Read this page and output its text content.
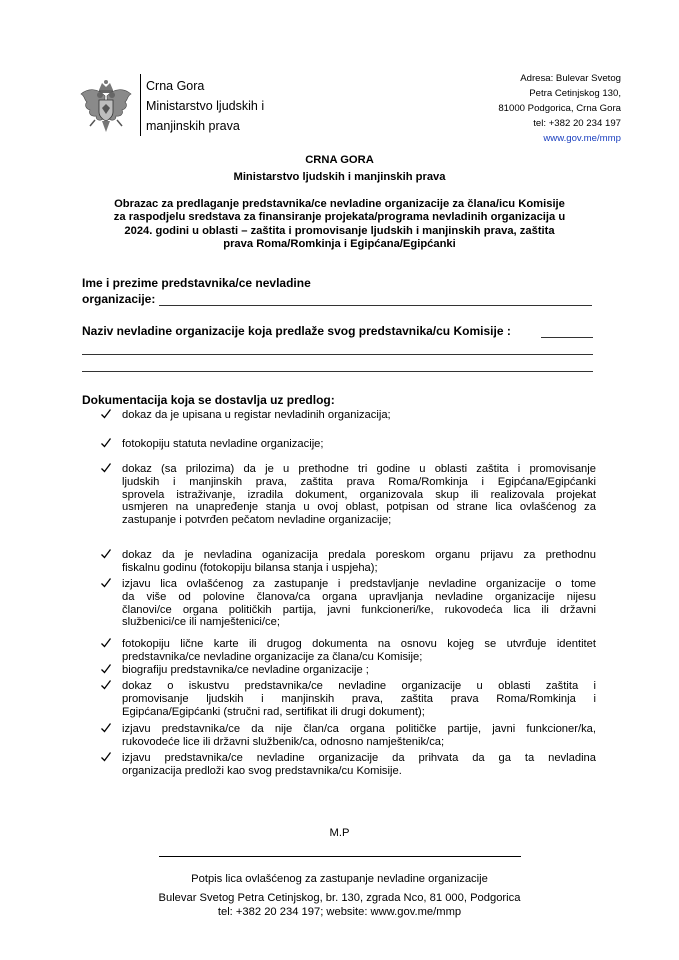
Crna Gora
Ministarstvo ljudskih i
manjinskih prava
Adresa: Bulevar Svetog
Petra Cetinjskog 130,
81000 Podgorica, Crna Gora
tel: +382 20 234 197
www.gov.me/mmp
CRNA GORA
Ministarstvo ljudskih i manjinskih prava
Obrazac za predlaganje predstavnika/ce nevladine organizacije za člana/icu Komisije
za raspodjelu sredstava za finansiranje projekata/programa nevladinih organizacija u
2024. godini u oblasti – zaštita i promovisanje ljudskih i manjinskih prava, zaštita
prava Roma/Romkinja i Egipćana/Egipćanki
Ime i prezime predstavnika/ce nevladine
organizacije:
Naziv nevladine organizacije koja predlaže svog predstavnika/cu Komisije :
Dokumentacija koja se dostavlja uz predlog:
dokaz da je upisana u registar nevladinih organizacija;
fotokopiju statuta nevladine organizacije;
dokaz (sa prilozima) da je u prethodne tri godine u oblasti zaštita i promovisanje
ljudskih i manjinskih prava, zaštita prava Roma/Romkinja i Egipćana/Egipćanki
sprovela istraživanje, izradila dokument, organizovala skup ili realizovala projekat
usmjeren na unapređenje stanja u ovoj oblast, potpisan od strane lica ovlašćenog za
zastupanje i potvrđen pečatom nevladine organizacije;
dokaz da je nevladina oganizacija predala poreskom organu prijavu za prethodnu
fiskalnu godinu (fotokopiju bilansa stanja i uspjeha);
izjavu lica ovlašćenog za zastupanje i predstavljanje nevladine organizacije o tome
da više od polovine članova/ca organa upravljanja nevladine organizacije nijesu
članovi/ce organa političkih partija, javni funkcioneri/ke, rukovodeća lica ili državni
službenici/ce ili namještenici/ce;
fotokopiju lične karte ili drugog dokumenta na osnovu kojeg se utvrđuje identitet
predstavnika/ce nevladine organizacije za člana/cu Komisije;
biografiju predstavnika/ce nevladine organizacije ;
dokaz o iskustvu predstavnika/ce nevladine organizacije u oblasti zaštita i
promovisanje ljudskih i manjinskih prava, zaštita prava Roma/Romkinja i
Egipćana/Egipćanki (stručni rad, sertifikat ili drugi dokument);
izjavu predstavnika/ce da nije član/ca organa političke partije, javni funkcioner/ka,
rukovodeće lice ili državni službenik/ca, odnosno namještenik/ca;
izjavu predstavnika/ce nevladine organizacije da prihvata da ga ta nevladina
organizacija predloži kao svog predstavnika/cu Komisije.
M.P
Potpis lica ovlašćenog za zastupanje nevladine organizacije
Bulevar Svetog Petra Cetinjskog, br. 130, zgrada Nco, 81 000, Podgorica
tel: +382 20 234 197; website: www.gov.me/mmp
